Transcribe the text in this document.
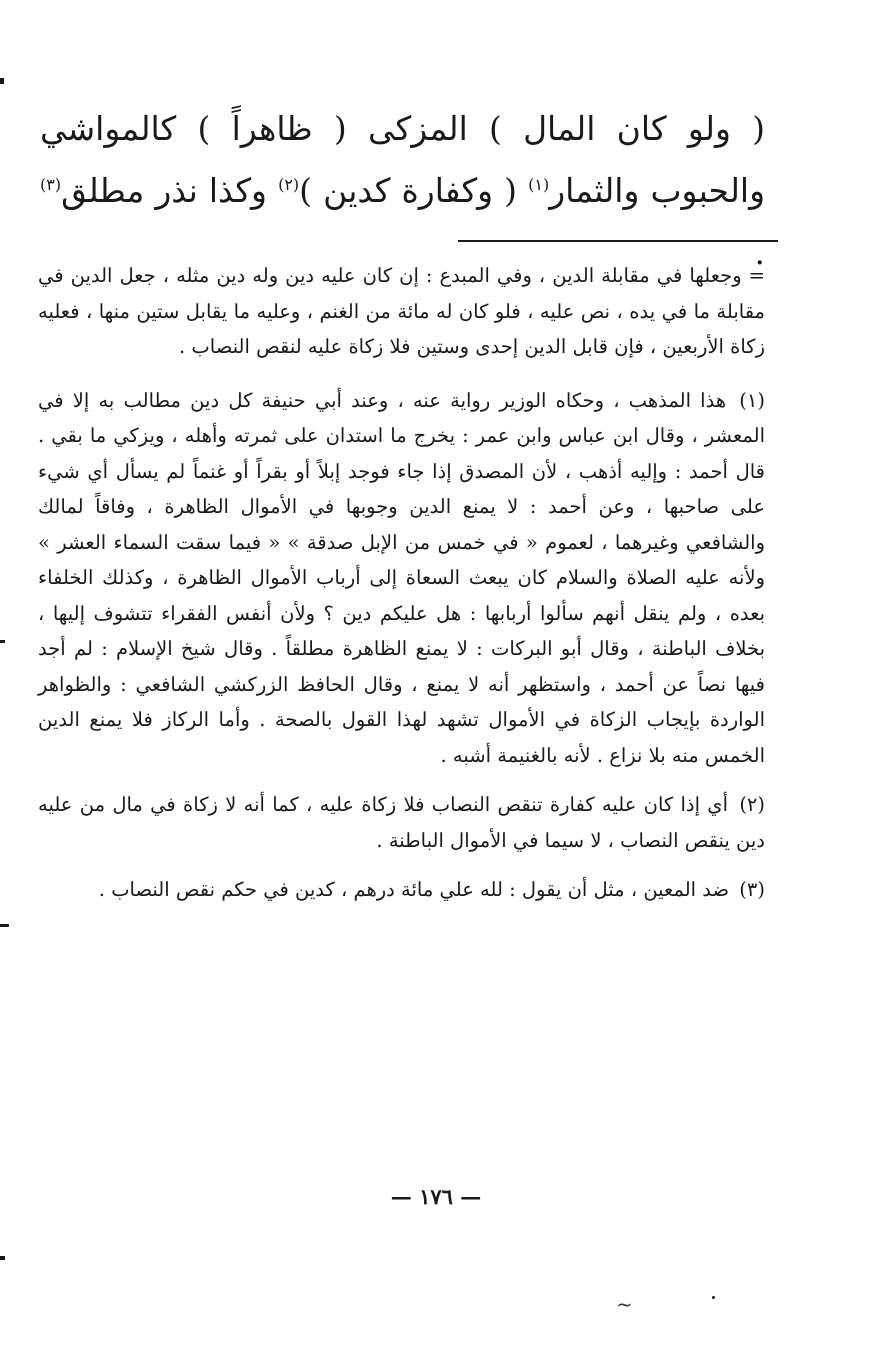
( ولو كان المال ) المزكى ( ظاهراً ) كالمواشي والحبوب والثمار$^{(١)}$ ( وكفارة كدين )$^{(٢)}$ وكذا نذر مطلق$^{(٣)}$ .

= وجعلها في مقابلة الدين ، وفي المبدع : إن كان عليه دين وله دين مثله ، جعل الدين في مقابلة ما في يده ، نص عليه ، فلو كان له مائة من الغنم ، وعليه ما يقابل ستين منها ، فعليه زكاة الأربعين ، فإن قابل الدين إحدى وستين فلا زكاة عليه لنقص النصاب .

(١) هذا المذهب ، وحكاه الوزير رواية عنه ، وعند أبي حنيفة كل دين مطالب به إلا في المعشر ، وقال ابن عباس وابن عمر : يخرج ما استدان على ثمرته وأهله ، ويزكي ما بقي . قال أحمد : وإليه أذهب ، لأن المصدق إذا جاء فوجد إبلاً أو بقراً أو غنماً لم يسأل أي شيء على صاحبها ، وعن أحمد : لا يمنع الدين وجوبها في الأموال الظاهرة ، وفاقاً لمالك والشافعي وغيرهما ، لعموم « في خمس من الإبل صدقة » « فيما سقت السماء العشر » ولأنه عليه الصلاة والسلام كان يبعث السعاة إلى أرباب الأموال الظاهرة ، وكذلك الخلفاء بعده ، ولم ينقل أنهم سألوا أربابها : هل عليكم دين ؟ ولأن أنفس الفقراء تتشوف إليها ، بخلاف الباطنة ، وقال أبو البركات : لا يمنع الظاهرة مطلقاً . وقال شيخ الإسلام : لم أجد فيها نصاً عن أحمد ، واستظهر أنه لا يمنع ، وقال الحافظ الزركشي الشافعي : والظواهر الواردة بإيجاب الزكاة في الأموال تشهد لهذا القول بالصحة . وأما الركاز فلا يمنع الدين الخمس منه بلا نزاع . لأنه بالغنيمة أشبه .

(٢) أي إذا كان عليه كفارة تنقص النصاب فلا زكاة عليه ، كما أنه لا زكاة في مال من عليه دين ينقص النصاب ، لا سيما في الأموال الباطنة .

(٣) ضد المعين ، مثل أن يقول : لله علي مائة درهم ، كدين في حكم نقص النصاب .

— ١٧٦ —
~
